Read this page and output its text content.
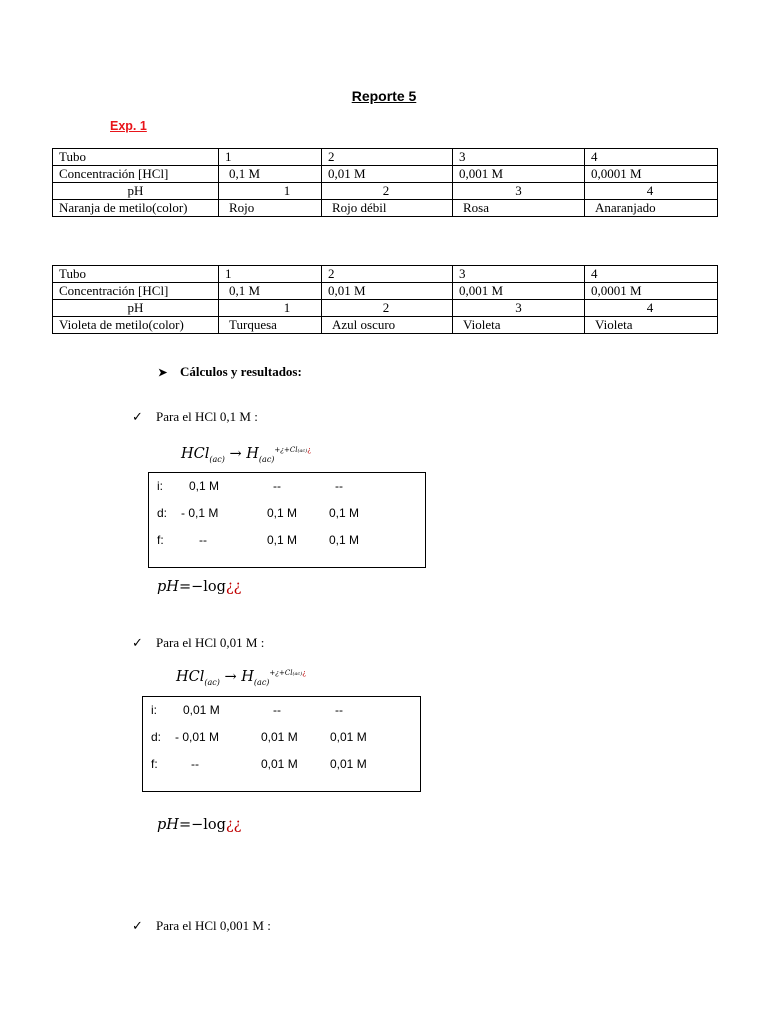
Reporte 5
Exp. 1
Tubo	1	2	3	4
Concentración [HCl]	0,1 M	0,01 M	0,001 M	0,0001 M
pH	1	2	3	4
Naranja de metilo(color)	Rojo	Rojo débil	Rosa	Anaranjado
Tubo	1	2	3	4
Concentración [HCl]	0,1 M	0,01 M	0,001 M	0,0001 M
pH	1	2	3	4
Violeta de metilo(color)	Turquesa	Azul oscuro	Violeta	Violeta
➤ Cálculos y resultados:
✓ Para el HCl 0,1 M :
$HCl_{(ac)} \to H_{(ac)}^{+¿+Cl(ac)¿}$
i: 0,1 M	--	--
d: - 0,1 M	0,1 M	0,1 M
f:	--	0,1 M	0,1 M
pH=−log¿¿
✓ Para el HCl 0,01 M :
$HCl_{(ac)} \to H_{(ac)}^{+¿+Cl(ac)¿}$
i: 0,01 M	--	--
d: - 0,01 M	0,01 M	0,01 M
f:	--	0,01 M	0,01 M
pH=−log¿¿
✓ Para el HCl 0,001 M :
